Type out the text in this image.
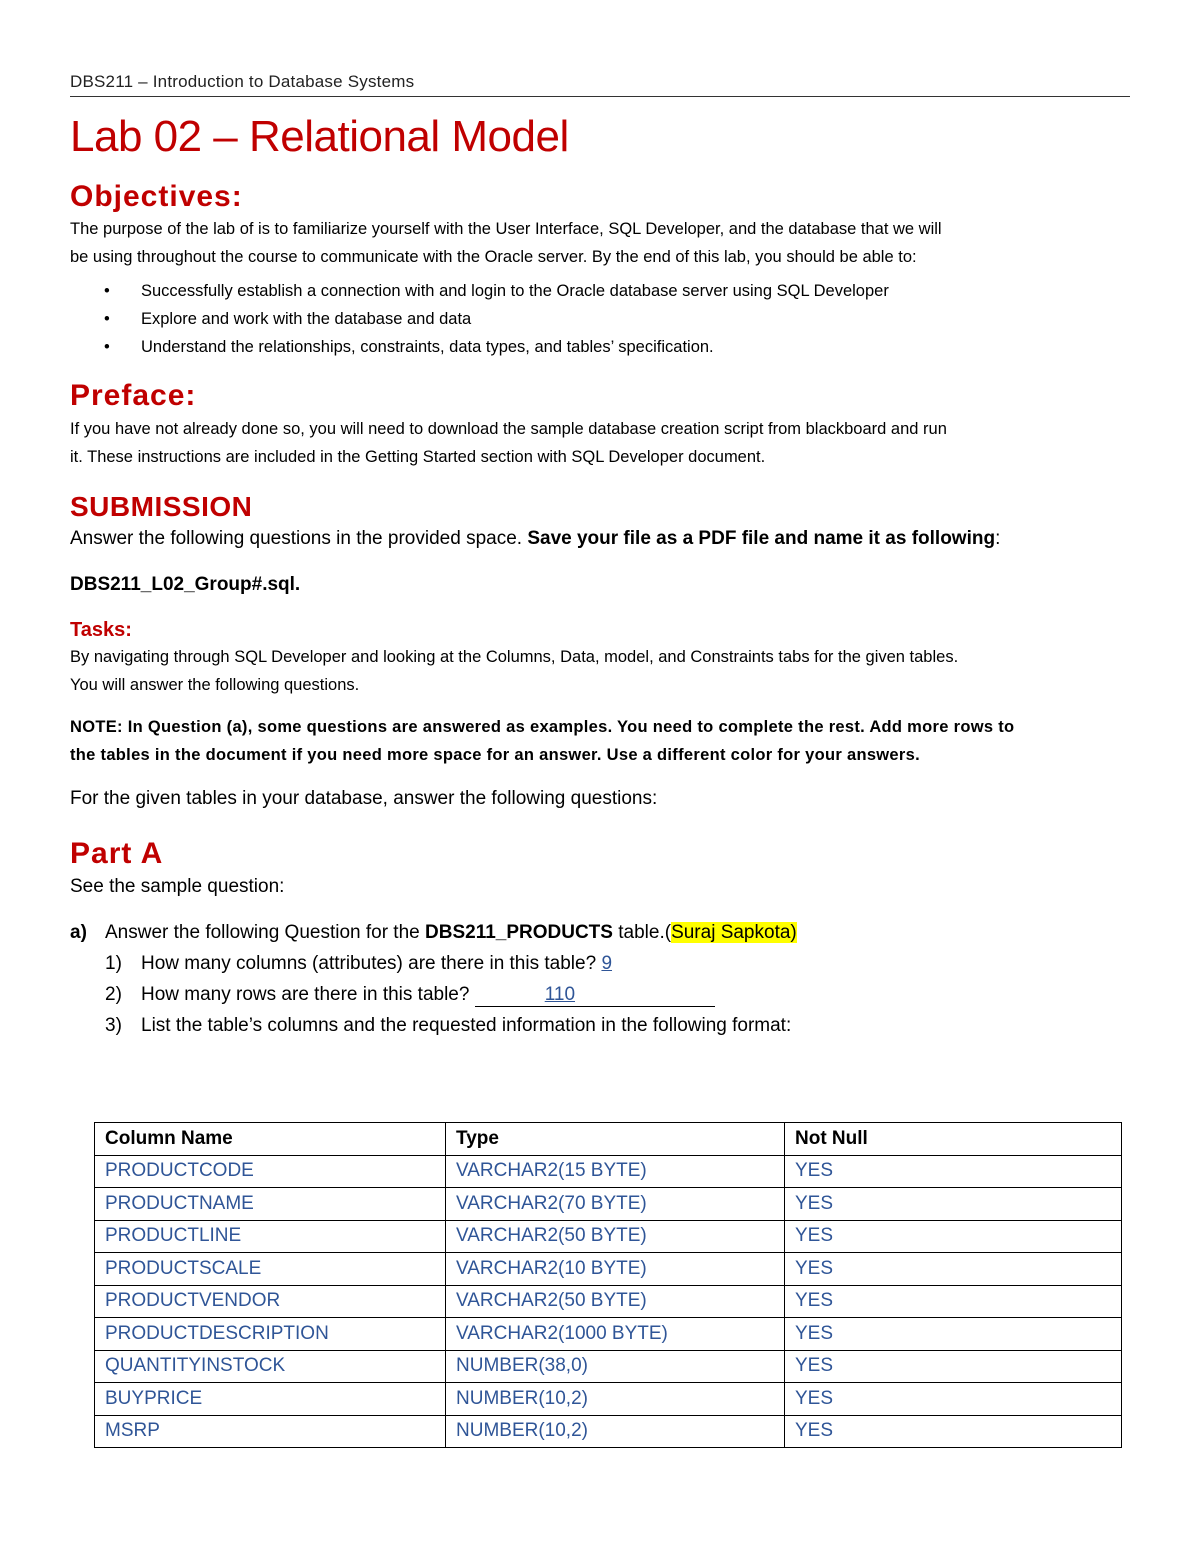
DBS211 – Introduction to Database Systems
Lab 02 – Relational Model
Objectives:

The purpose of the lab of is to familiarize yourself with the User Interface, SQL Developer, and the database that we will

be using throughout the course to communicate with the Oracle server. By the end of this lab, you should be able to:

• Successfully establish a connection with and login to the Oracle database server using SQL Developer
• Explore and work with the database and data
• Understand the relationships, constraints, data types, and tables’ specification.
Preface:

If you have not already done so, you will need to download the sample database creation script from blackboard and run

it. These instructions are included in the Getting Started section with SQL Developer document.

SUBMISSION
Answer the following questions in the provided space. Save your file as a PDF file and name it as following:
DBS211_L02_Group#.sql.
Tasks:

By navigating through SQL Developer and looking at the Columns, Data, model, and Constraints tabs for the given tables.

You will answer the following questions.

NOTE: In Question (a), some questions are answered as examples. You need to complete the rest. Add more rows to
the tables in the document if you need more space for an answer. Use a different color for your answers.
For the given tables in your database, answer the following questions:
Part A
See the sample question:
a) Answer the following Question for the DBS211_PRODUCTS table.(Suraj Sapkota)
1) How many columns (attributes) are there in this table? 9
2) How many rows are there in this table?	110
3) List the table’s columns and the requested information in the following format:
Column Name	Type	Not Null
PRODUCTCODE	VARCHAR2(15 BYTE)	YES
PRODUCTNAME	VARCHAR2(70 BYTE)	YES
PRODUCTLINE	VARCHAR2(50 BYTE)	YES
PRODUCTSCALE	VARCHAR2(10 BYTE)	YES
PRODUCTVENDOR	VARCHAR2(50 BYTE)	YES
PRODUCTDESCRIPTION	VARCHAR2(1000 BYTE)	YES
QUANTITYINSTOCK	NUMBER(38,0)	YES
BUYPRICE	NUMBER(10,2)	YES
MSRP	NUMBER(10,2)	YES
